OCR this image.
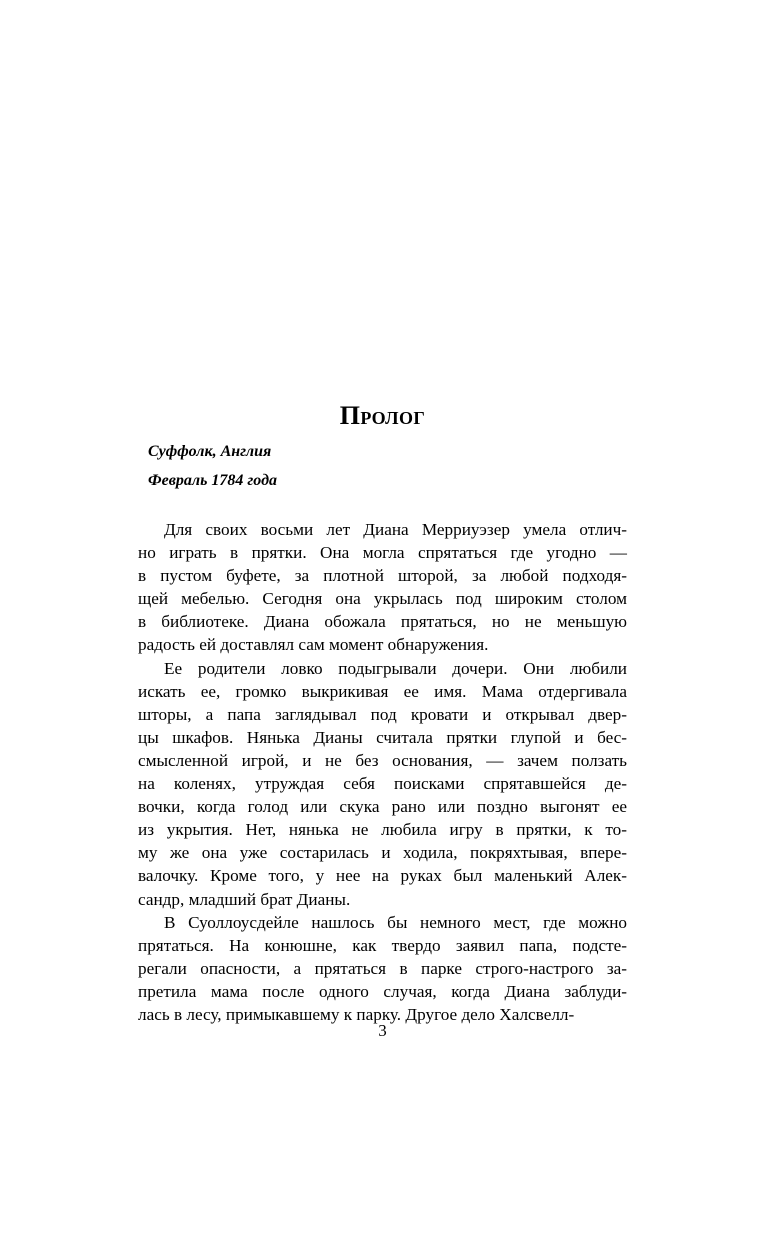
Пролог
Суффолк, Англия
Февраль 1784 года

Для своих восьми лет Диана Мерриуэзер умела отлич-
но играть в прятки. Она могла спрятаться где угодно —
в пустом буфете, за плотной шторой, за любой подходя-
щей мебелью. Сегодня она укрылась под широким столом
в библиотеке. Диана обожала прятаться, но не меньшую
радость ей доставлял сам момент обнаружения.

Ее родители ловко подыгрывали дочери. Они любили
искать ее, громко выкрикивая ее имя. Мама отдергивала
шторы, а папа заглядывал под кровати и открывал двер-
цы шкафов. Нянька Дианы считала прятки глупой и бес-
смысленной игрой, и не без основания, — зачем ползать
на коленях, утруждая себя поисками спрятавшейся де-
вочки, когда голод или скука рано или поздно выгонят ее
из укрытия. Нет, нянька не любила игру в прятки, к то-
му же она уже состарилась и ходила, покряхтывая, впере-
валочку. Кроме того, у нее на руках был маленький Алек-
сандр, младший брат Дианы.

В Суоллоусдейле нашлось бы немного мест, где можно
прятаться. На конюшне, как твердо заявил папа, подсте-
регали опасности, а прятаться в парке строго-настрого за-
претила мама после одного случая, когда Диана заблуди-
лась в лесу, примыкавшему к парку. Другое дело Халсвелл-

3
